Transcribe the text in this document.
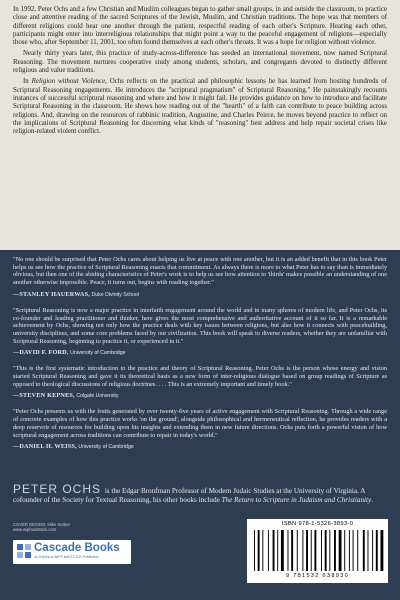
In 1992, Peter Ochs and a few Christian and Muslim colleagues began to gather small groups, in and outside the classroom, to practice close and attentive reading of the sacred Scriptures of the Jewish, Muslim, and Christian traditions. The hope was that members of different religions could hear one another through the patient, respectful reading of each other's Scripture. Hearing each other, participants might enter into interreligious relationships that might point a way to the peaceful engagement of religions—especially those who, after September 11, 2001, too often found themselves at each other's throats. It was a hope for religion without violence.

Nearly thirty years later, this practice of study-across-difference has seeded an international movement, now named Scriptural Reasoning. The movement nurtures cooperative study among students, scholars, and congregants devoted to distinctly different religious and value traditions.

In Religion without Violence, Ochs reflects on the practical and philosophic lessons he has learned from hosting hundreds of Scriptural Reasoning engagements. He introduces the "scriptural pragmatism" of Scriptural Reasoning." He painstakingly recounts instances of successful scriptural reasoning and where and how it might fail. He provides guidance on how to introduce and facilitate Scriptural Reasoning in the classroom. He shows how reading out of the "hearth" of a faith can contribute to peace building across religions. And, drawing on the resources of rabbinic tradition, Augustine, and Charles Peirce, he moves beyond practice to reflect on the implications of Scriptural Reasoning for discerning what kinds of "reasoning" best address and help repair societal crises like religion-related violent conflict.

"No one should be surprised that Peter Ochs cares about helping us live at peace with one another, but it is an added benefit that in this book Peter helps us see how the practice of Scriptural Reasoning enacts that commitment. As always there is more to what Peter has to say than is immediately obvious, but then one of the abiding characteristics of Peter's work is to help us see how attention to 'thirds' makes possible an understanding of one another otherwise impossible. Peace, it turns out, begins with reading together."

—STANLEY HAUERWAS, Duke Divinity School

"Scriptural Reasoning is now a major practice in interfaith engagement around the world and in many spheres of modern life, and Peter Ochs, its co-founder and leading practitioner and thinker, here gives the most comprehensive and authoritative account of it so far. It is a remarkable achievement by Ochs, showing not only how the practice deals with key issues between religions, but also how it connects with peacebuilding, university disciplines, and some core problems faced by our civilization. This book will speak to diverse readers, whether they are unfamiliar with Scriptural Reasoning, beginning to practice it, or experienced in it."

—DAVID F. FORD, University of Cambridge

"This is the first systematic introduction to the practice and theory of Scriptural Reasoning. Peter Ochs is the person whose energy and vision started Scriptural Reasoning and gave it its theoretical basis as a new form of inter-religious dialogue based on group readings of Scripture as opposed to theological discussions of religious doctrines. . . . This is an extremely important and timely book."

—STEVEN KEPNES, Colgate University

"Peter Ochs presents us with the fruits generated by over twenty-five years of active engagement with Scriptural Reasoning. Through a wide range of concrete examples of how this practice works 'on the ground', alongside philosophical and hermeneutical reflection, he provides readers with a deep reservoir of resources for building upon his insights and extending them in new future directions. Ochs puts forth a powerful vision of how scriptural engagement across traditions can contribute to repair in today's world."

—DANIEL H. WEISS, University of Cambridge
PETER OCHS is the Edgar Bronfman Professor of Modern Judaic Studies at the University of Virginia. A cofounder of the Society for Textual Reasoning, his other books include The Return to Scripture in Judaism and Christianity.
COVER DESIGN: Mike Surber
www.wipfandstock.com
Cascade Books
An Imprint of WIPF and STOCK Publishers
ISBN 978-1-5326-3893-0
9 781532 638930
